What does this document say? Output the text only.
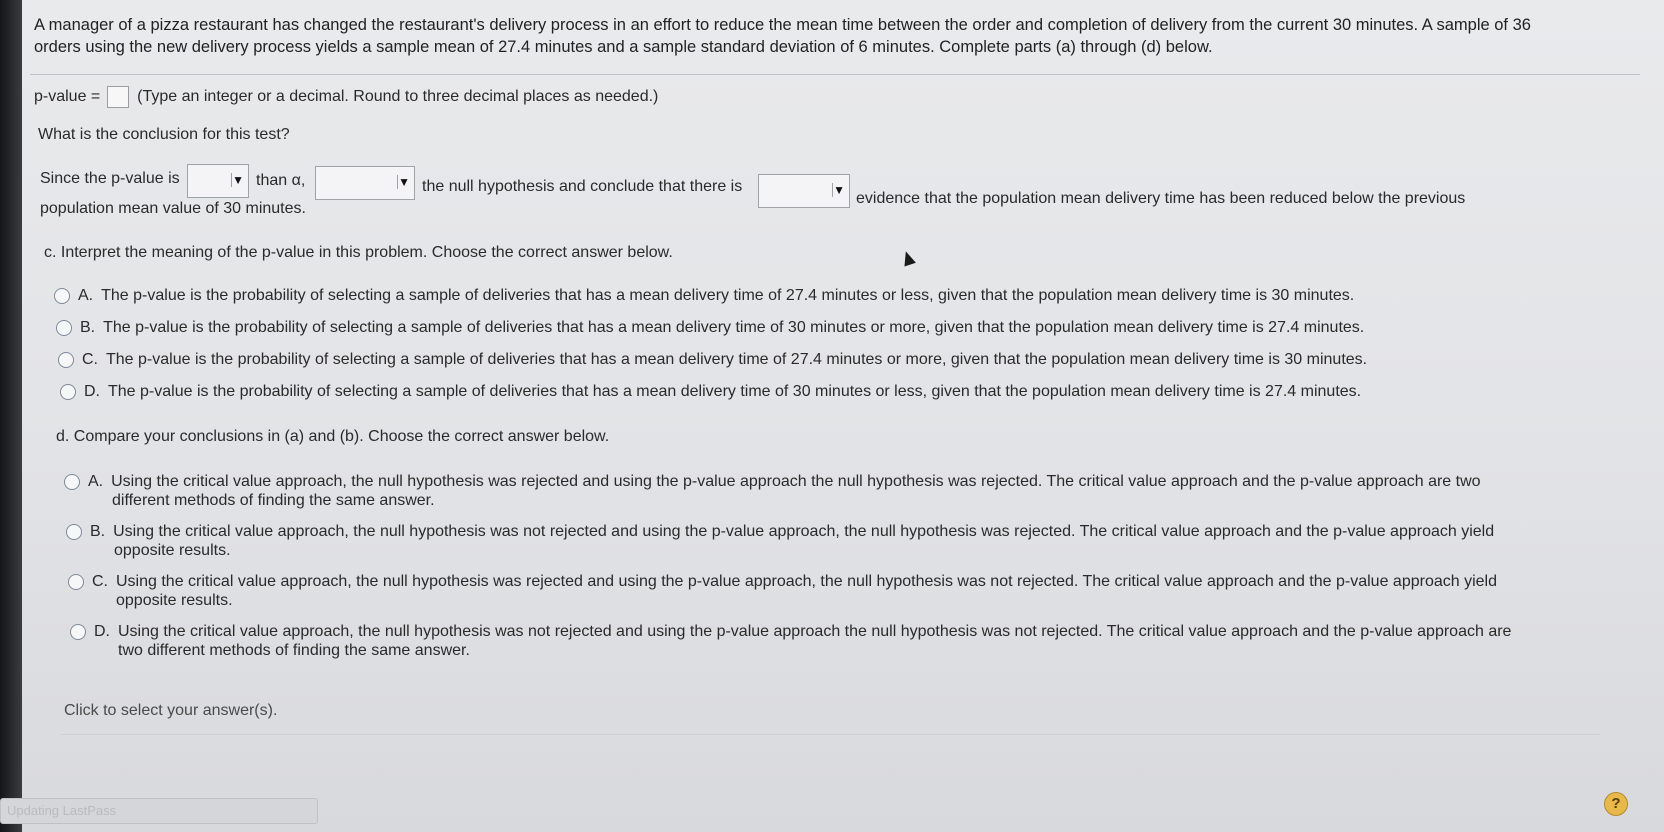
A manager of a pizza restaurant has changed the restaurant's delivery process in an effort to reduce the mean time between the order and completion of delivery from the current 30 minutes. A sample of 36
orders using the new delivery process yields a sample mean of 27.4 minutes and a sample standard deviation of 6 minutes. Complete parts (a) through (d) below.
p-value = (Type an integer or a decimal. Round to three decimal places as needed.)
What is the conclusion for this test?
Since the p-value is	▼ than α,	▼ the null hypothesis and conclude that there is	▼ evidence that the population mean delivery time has been reduced below the previous
population mean value of 30 minutes.
c. Interpret the meaning of the p-value in this problem. Choose the correct answer below.
A. The p-value is the probability of selecting a sample of deliveries that has a mean delivery time of 27.4 minutes or less, given that the population mean delivery time is 30 minutes.
B. The p-value is the probability of selecting a sample of deliveries that has a mean delivery time of 30 minutes or more, given that the population mean delivery time is 27.4 minutes.
C. The p-value is the probability of selecting a sample of deliveries that has a mean delivery time of 27.4 minutes or more, given that the population mean delivery time is 30 minutes.
D. The p-value is the probability of selecting a sample of deliveries that has a mean delivery time of 30 minutes or less, given that the population mean delivery time is 27.4 minutes.
d. Compare your conclusions in (a) and (b). Choose the correct answer below.
A. Using the critical value approach, the null hypothesis was rejected and using the p-value approach the null hypothesis was rejected. The critical value approach and the p-value approach are two
different methods of finding the same answer.
B. Using the critical value approach, the null hypothesis was not rejected and using the p-value approach, the null hypothesis was rejected. The critical value approach and the p-value approach yield
opposite results.
C. Using the critical value approach, the null hypothesis was rejected and using the p-value approach, the null hypothesis was not rejected. The critical value approach and the p-value approach yield
opposite results.
D. Using the critical value approach, the null hypothesis was not rejected and using the p-value approach the null hypothesis was not rejected. The critical value approach and the p-value approach are
two different methods of finding the same answer.
Click to select your answer(s).
Updating LastPass	?
